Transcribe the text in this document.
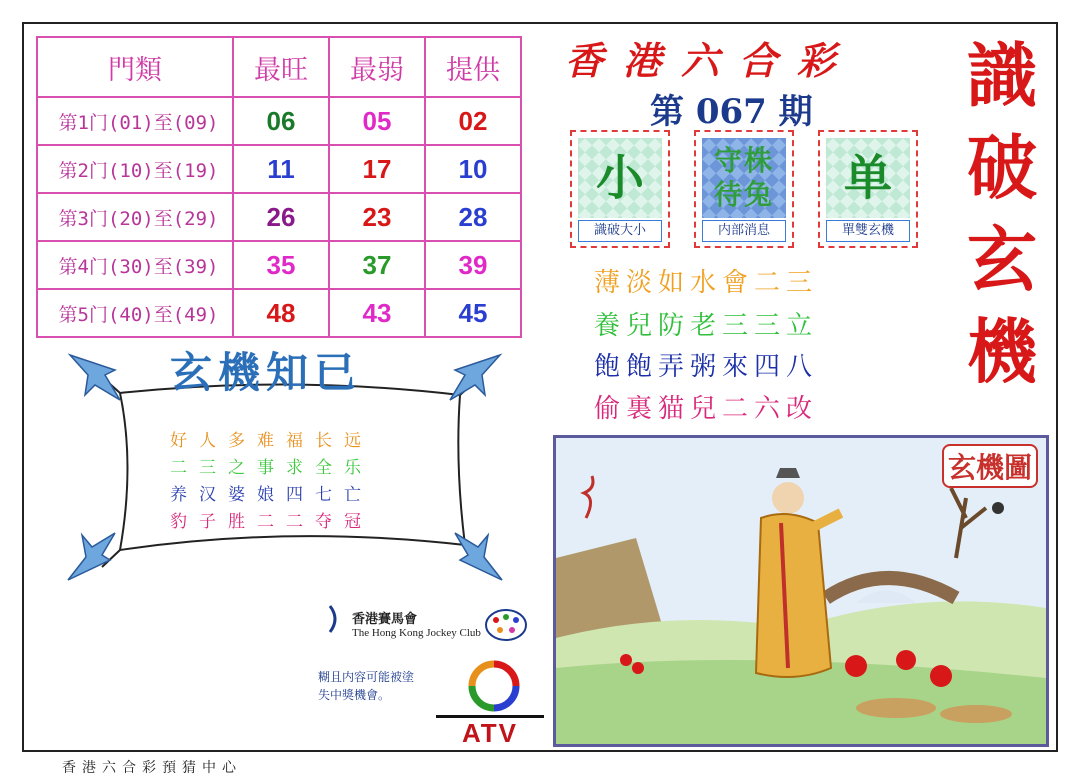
門類	最旺	最弱	提供
第1门(01)至(09)	06	05	02
第2门(10)至(19)	11	17	10
第3门(20)至(29)	26	23	28
第4门(30)至(39)	35	37	39
第5门(40)至(49)	48	43	45
香港六合彩
第 067 期 識
破
玄
機
小
識破大小
守株
待兔
内部消息
单
單雙玄機
薄淡如水會二三
養兒防老三三立
飽飽弄粥來四八
偷裏猫兒二六改
玄機知已
好人多难福长远
二三之事求全乐
养汉婆娘四七亡
豹子胜二二夺冠
香港賽馬會
The Hong Kong Jockey Club
糊且内容可能被塗
失中獎機會。
ATV
玄機圖
香港六合彩預猜中心
